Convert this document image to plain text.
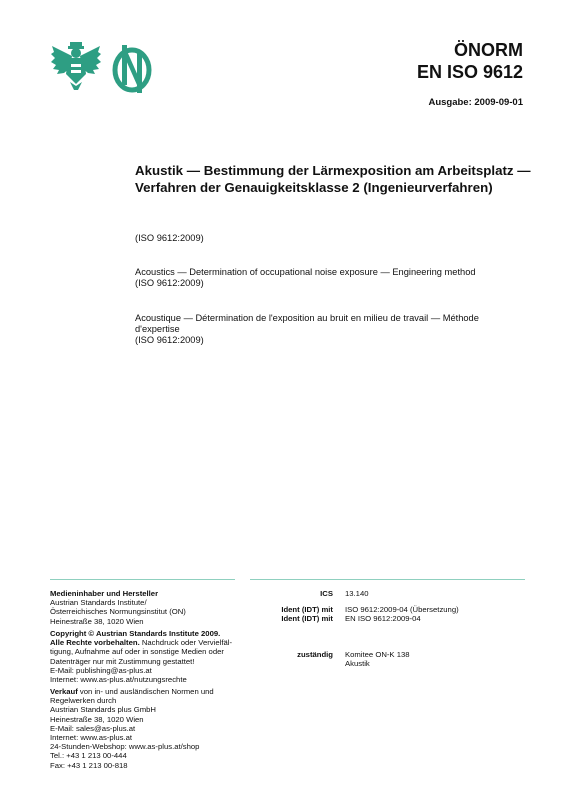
ÖNORM
EN ISO 9612
Ausgabe: 2009-09-01
Akustik — Bestimmung der Lärmexposition am Arbeitsplatz — Verfahren der Genauigkeitsklasse 2 (Ingenieurverfahren)
(ISO 9612:2009)
Acoustics — Determination of occupational noise exposure — Engineering method
(ISO 9612:2009)
Acoustique — Détermination de l'exposition au bruit en milieu de travail — Méthode d'expertise
(ISO 9612:2009)
Medieninhaber und Hersteller
Austrian Standards Institute/
Österreichisches Normungsinstitut (ON)
Heinestraße 38, 1020 Wien
Copyright © Austrian Standards Institute 2009.
Alle Rechte vorbehalten. Nachdruck oder Vervielfäl-
tigung, Aufnahme auf oder in sonstige Medien oder
Datenträger nur mit Zustimmung gestattet!
E-Mail: publishing@as-plus.at
Internet: www.as-plus.at/nutzungsrechte
Verkauf von in- und ausländischen Normen und
Regelwerken durch
Austrian Standards plus GmbH
Heinestraße 38, 1020 Wien
E-Mail: sales@as-plus.at
Internet: www.as-plus.at
24-Stunden-Webshop: www.as-plus.at/shop
Tel.: +43 1 213 00-444
Fax: +43 1 213 00-818
ICS 13.140
Ident (IDT) mit ISO 9612:2009-04 (Übersetzung)
Ident (IDT) mit EN ISO 9612:2009-04
zuständig Komitee ON-K 138
Akustik
